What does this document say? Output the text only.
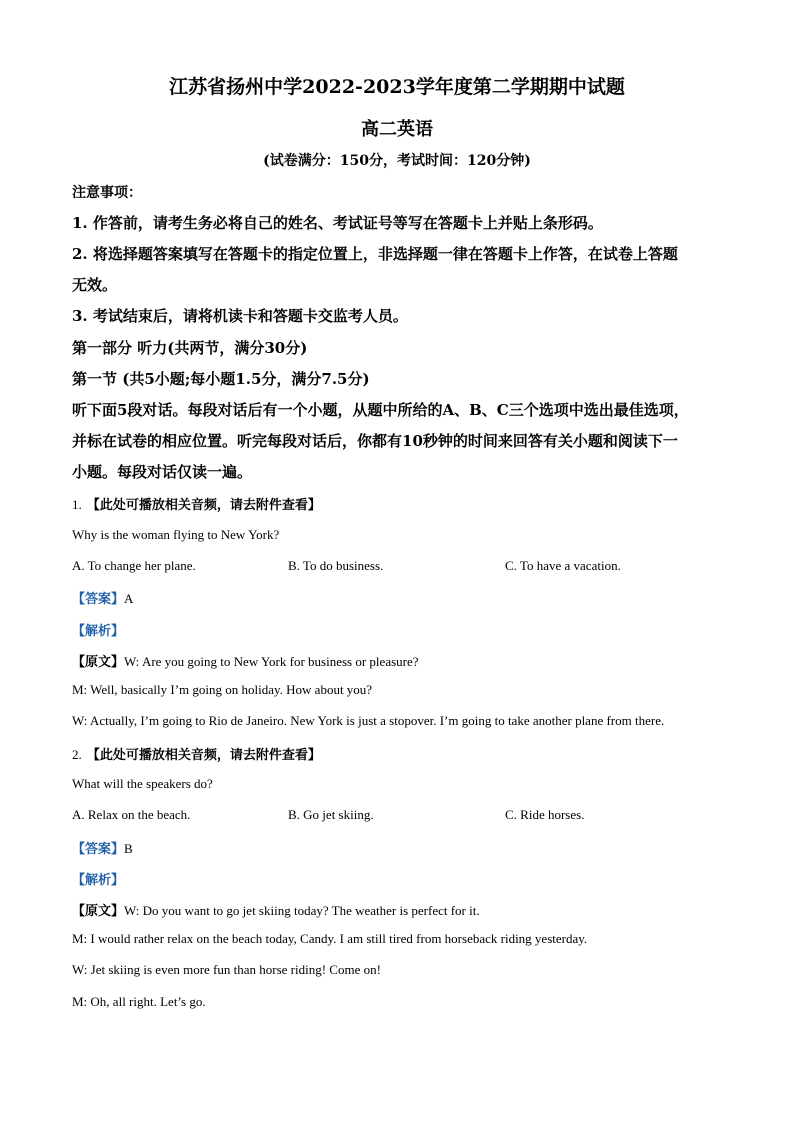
江苏省扬州中学2022-2023学年度第二学期期中试题
高二英语
(试卷满分：150分，考试时间：120分钟)
注意事项：
1. 作答前，请考生务必将自己的姓名、考试证号等写在答题卡上并贴上条形码。
2. 将选择题答案填写在答题卡的指定位置上，非选择题一律在答题卡上作答，在试卷上答题
无效。
3. 考试结束后，请将机读卡和答题卡交监考人员。
第一部分 听力(共两节，满分30分)
第一节 (共5小题;每小题1.5分，满分7.5分)
听下面5段对话。每段对话后有一个小题，从题中所给的A、B、C三个选项中选出最佳选项，
并标在试卷的相应位置。听完每段对话后，你都有10秒钟的时间来回答有关小题和阅读下一
小题。每段对话仅读一遍。
1. 【此处可播放相关音频，请去附件查看】
Why is the woman flying to New York?
A. To change her plane.	B. To do business.	C. To have a vacation.
【答案】A
【解析】
【原文】W: Are you going to New York for business or pleasure?
M: Well, basically I’m going on holiday. How about you?
W: Actually, I’m going to Rio de Janeiro. New York is just a stopover. I’m going to take another plane from there.
2. 【此处可播放相关音频，请去附件查看】
What will the speakers do?
A. Relax on the beach.	B. Go jet skiing.	C. Ride horses.
【答案】B
【解析】
【原文】W: Do you want to go jet skiing today? The weather is perfect for it.
M: I would rather relax on the beach today, Candy. I am still tired from horseback riding yesterday.
W: Jet skiing is even more fun than horse riding! Come on!
M: Oh, all right. Let’s go.
